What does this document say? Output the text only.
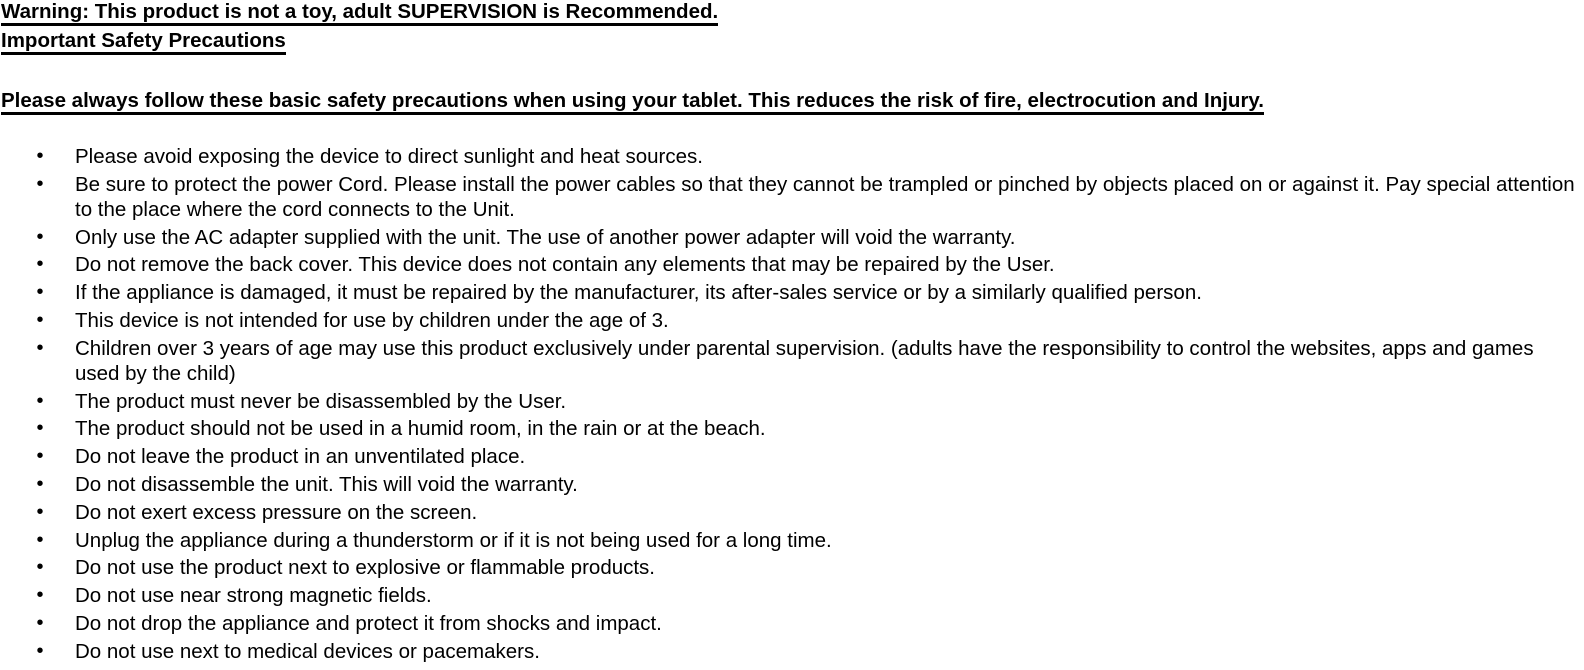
Warning: This product is not a toy, adult SUPERVISION is Recommended.

Important Safety Precautions

Please always follow these basic safety precautions when using your tablet. This reduces the risk of fire, electrocution and Injury.

• Please avoid exposing the device to direct sunlight and heat sources.
• Be sure to protect the power Cord. Please install the power cables so that they cannot be trampled or pinched by objects placed on or against it. Pay special attention to the place where the cord connects to the Unit.
• Only use the AC adapter supplied with the unit. The use of another power adapter will void the warranty.
• Do not remove the back cover. This device does not contain any elements that may be repaired by the User.
• If the appliance is damaged, it must be repaired by the manufacturer, its after-sales service or by a similarly qualified person.
• This device is not intended for use by children under the age of 3.
• Children over 3 years of age may use this product exclusively under parental supervision. (adults have the responsibility to control the websites, apps and games used by the child)
• The product must never be disassembled by the User.
• The product should not be used in a humid room, in the rain or at the beach.
• Do not leave the product in an unventilated place.
• Do not disassemble the unit. This will void the warranty.
• Do not exert excess pressure on the screen.
• Unplug the appliance during a thunderstorm or if it is not being used for a long time.
• Do not use the product next to explosive or flammable products.
• Do not use near strong magnetic fields.
• Do not drop the appliance and protect it from shocks and impact.
• Do not use next to medical devices or pacemakers.
